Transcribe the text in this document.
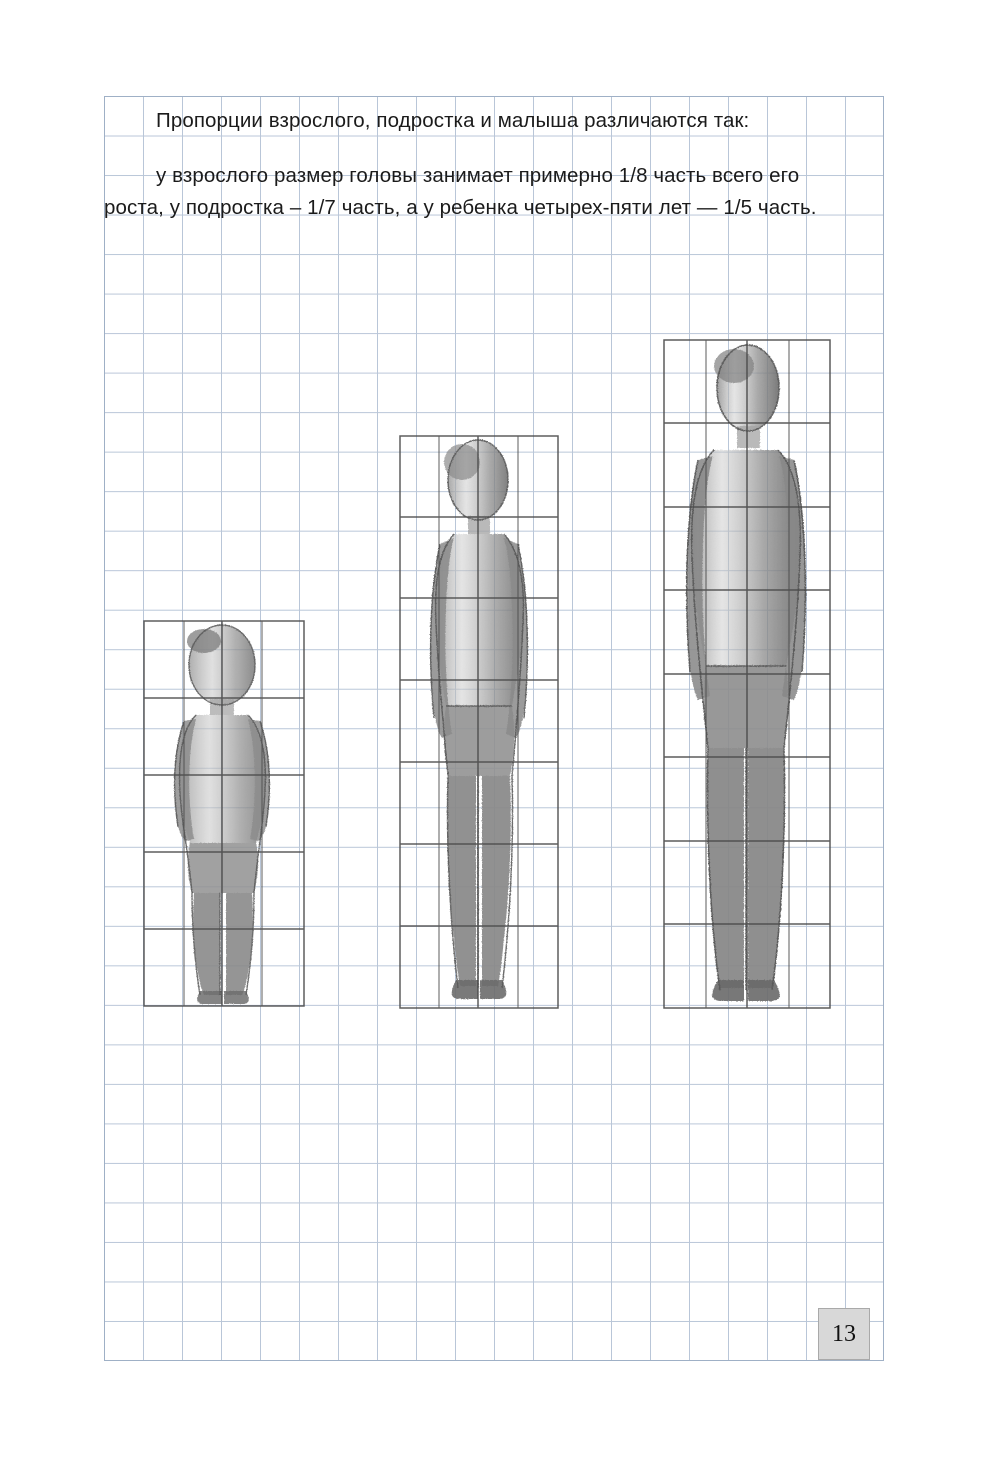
Пропорции взрослого, подростка и малыша различаются так:
у взрослого размер головы занимает примерно 1/8 часть всего его роста, у подростка – 1/7 часть, а у ребенка четырех-пяти лет — 1/5 часть.
13
